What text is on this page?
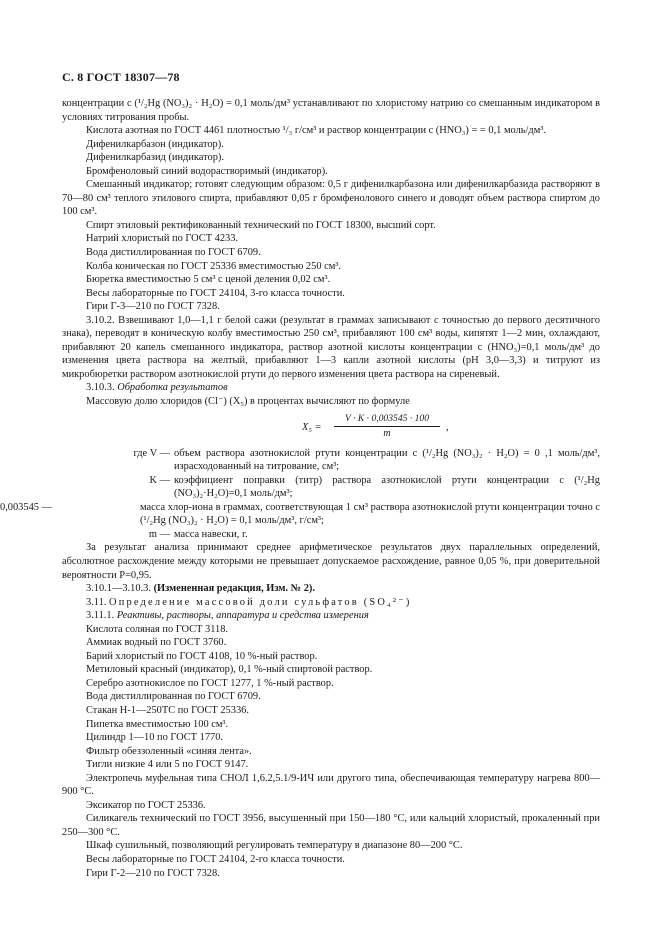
С. 8 ГОСТ 18307—78

концентрации c (¹/₂Hg (NO₃)₂ · H₂O) = 0,1 моль/дм³ устанавливают по хлористому натрию со смешанным индикатором в условиях титрования пробы.

Кислота азотная по ГОСТ 4461 плотностью ¹/₃ г/см³ и раствор концентрации c (HNO₃) = = 0,1 моль/дм³.

Дифенилкарбазон (индикатор).

Дифенилкарбазид (индикатор).

Бромфеноловый синий водорастворимый (индикатор).

Смешанный индикатор; готовят следующим образом: 0,5 г дифенилкарбазона или дифенилкарбазида растворяют в 70—80 см³ теплого этилового спирта, прибавляют 0,05 г бромфенолового синего и доводят объем раствора спиртом до 100 см³.

Спирт этиловый ректификованный технический по ГОСТ 18300, высший сорт.

Натрий хлористый по ГОСТ 4233.

Вода дистиллированная по ГОСТ 6709.

Колба коническая по ГОСТ 25336 вместимостью 250 см³.

Бюретка вместимостью 5 см³ с ценой деления 0,02 см³.

Весы лабораторные по ГОСТ 24104, 3-го класса точности.

Гири Г-3—210 по ГОСТ 7328.

3.10.2. Взвешивают 1,0—1,1 г белой сажи (результат в граммах записывают с точностью до первого десятичного знака), переводят в коническую колбу вместимостью 250 см³, прибавляют 100 см³ воды, кипятят 1—2 мин, охлаждают, прибавляют 20 капель смешанного индикатора, раствор азотной кислоты концентрации c (HNO₃)=0,1 моль/дм³ до изменения цвета раствора на желтый, прибавляют 1—3 капли азотной кислоты (pH 3,0—3,3) и титруют из микробюретки раствором азотнокислой ртути до первого изменения цвета раствора на сиреневый.

3.10.3. Обработка результатов

Массовую долю хлоридов (Cl⁻) (X₅) в процентах вычисляют по формуле

$X_5 = \frac{V \cdot K \cdot 0,003545 \cdot 100}{m}$ ,
где V — объем раствора азотнокислой ртути концентрации c (¹/₂Hg (NO₃)₂ · H₂O) = 0 ,1 моль/дм³, израсходованный на титрование, см³;
K — коэффициент поправки (титр) раствора азотнокислой ртути концентрации c (¹/₂Hg (NO₃)₂·H₂O)=0,1 моль/дм³;
0,003545 —	масса хлор-иона в граммах, соответствующая 1 см³ раствора азотнокислой ртути концентрации точно c (¹/₂Hg (NO₃)₂ · H₂O) = 0,1 моль/дм³, г/см³;
m — масса навески, г.

За результат анализа принимают среднее арифметическое результатов двух параллельных определений, абсолютное расхождение между которыми не превышает допускаемое расхождение, равное 0,05 %, при доверительной вероятности P=0,95.

3.10.1—3.10.3. (Измененная редакция, Изм. № 2).

3.11. Определение массовой доли сульфатов (SO₄²⁻)

3.11.1. Реактивы, растворы, аппаратура и средства измерения

Кислота соляная по ГОСТ 3118.

Аммиак водный по ГОСТ 3760.

Барий хлористый по ГОСТ 4108, 10 %-ный раствор.

Метиловый красный (индикатор), 0,1 %-ный спиртовой раствор.

Серебро азотнокислое по ГОСТ 1277, 1 %-ный раствор.

Вода дистиллированная по ГОСТ 6709.

Стакан Н-1—250ТС по ГОСТ 25336.

Пипетка вместимостью 100 см³.

Цилиндр 1—10 по ГОСТ 1770.

Фильтр обеззоленный «синяя лента».

Тигли низкие 4 или 5 по ГОСТ 9147.

Электропечь муфельная типа СНОЛ 1,6.2,5.1/9-ИЧ или другого типа, обеспечивающая температуру нагрева 800—900 °С.

Эксикатор по ГОСТ 25336.

Силикагель технический по ГОСТ 3956, высушенный при 150—180 °С, или кальций хлористый, прокаленный при 250—300 °С.

Шкаф сушильный, позволяющий регулировать температуру в диапазоне 80—200 °С.

Весы лабораторные по ГОСТ 24104, 2-го класса точности.

Гири Г-2—210 по ГОСТ 7328.
